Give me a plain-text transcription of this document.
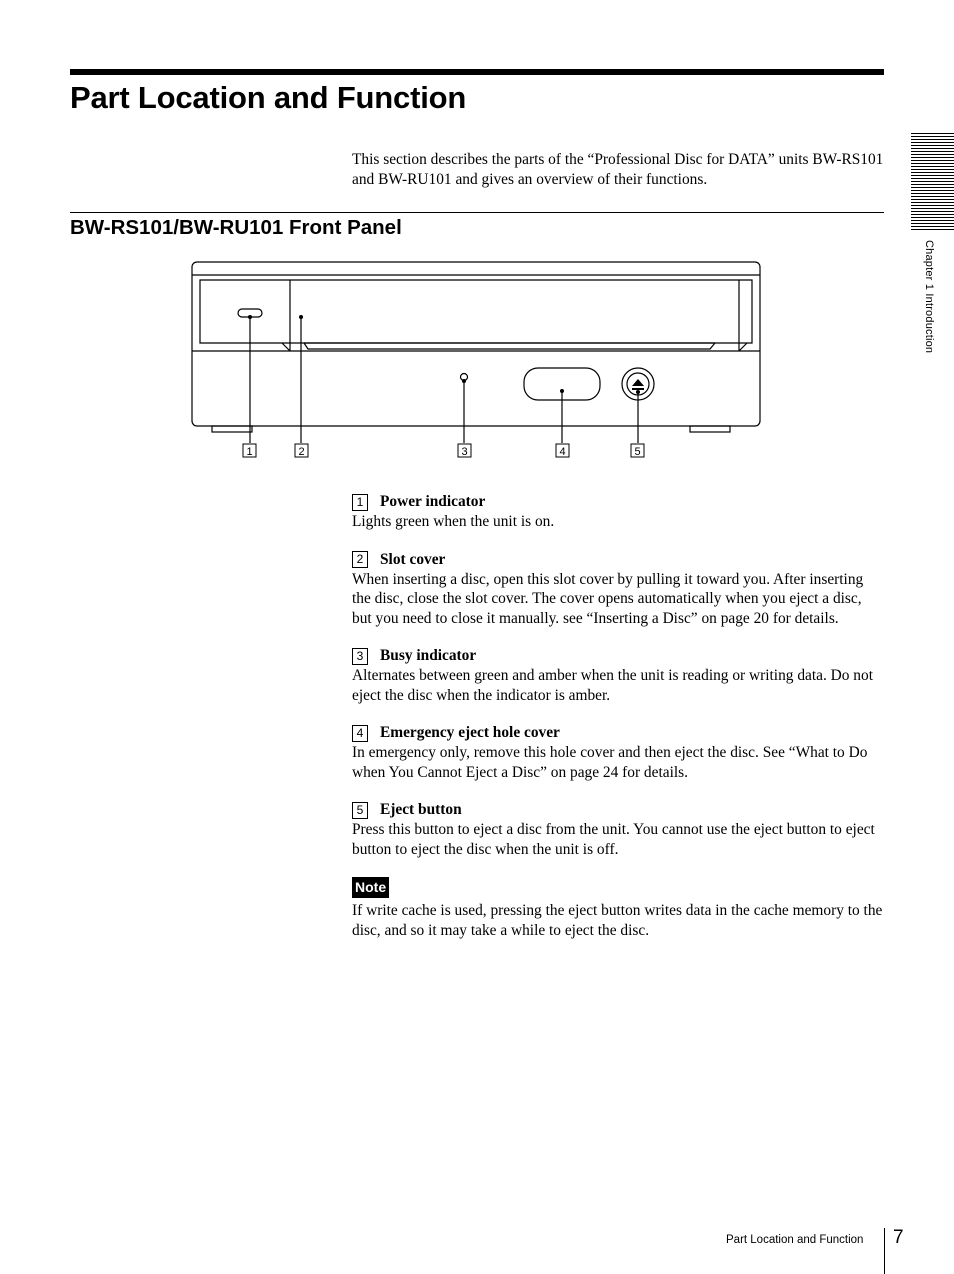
Part Location and Function

This section describes the parts of the “Professional Disc for DATA” units BW-RS101 and BW-RU101 and gives an overview of their functions.

BW-RS101/BW-RU101 Front Panel
Chapter 1 Introduction
1	2	3	4	5
1	Power indicator

Lights green when the unit is on.

2	Slot cover

When inserting a disc, open this slot cover by pulling it toward you. After inserting the disc, close the slot cover. The cover opens automatically when you eject a disc, but you need to close it manually. see “Inserting a Disc” on page 20 for details.

3	Busy indicator

Alternates between green and amber when the unit is reading or writing data. Do not eject the disc when the indicator is amber.

4	Emergency eject hole cover

In emergency only, remove this hole cover and then eject the disc. See “What to Do when You Cannot Eject a Disc” on page 24 for details.

5	Eject button

Press this button to eject a disc from the unit. You cannot use the eject button to eject button to eject the disc when the unit is off.

Note

If write cache is used, pressing the eject button writes data in the cache memory to the disc, and so it may take a while to eject the disc.

Part Location and Function 7
